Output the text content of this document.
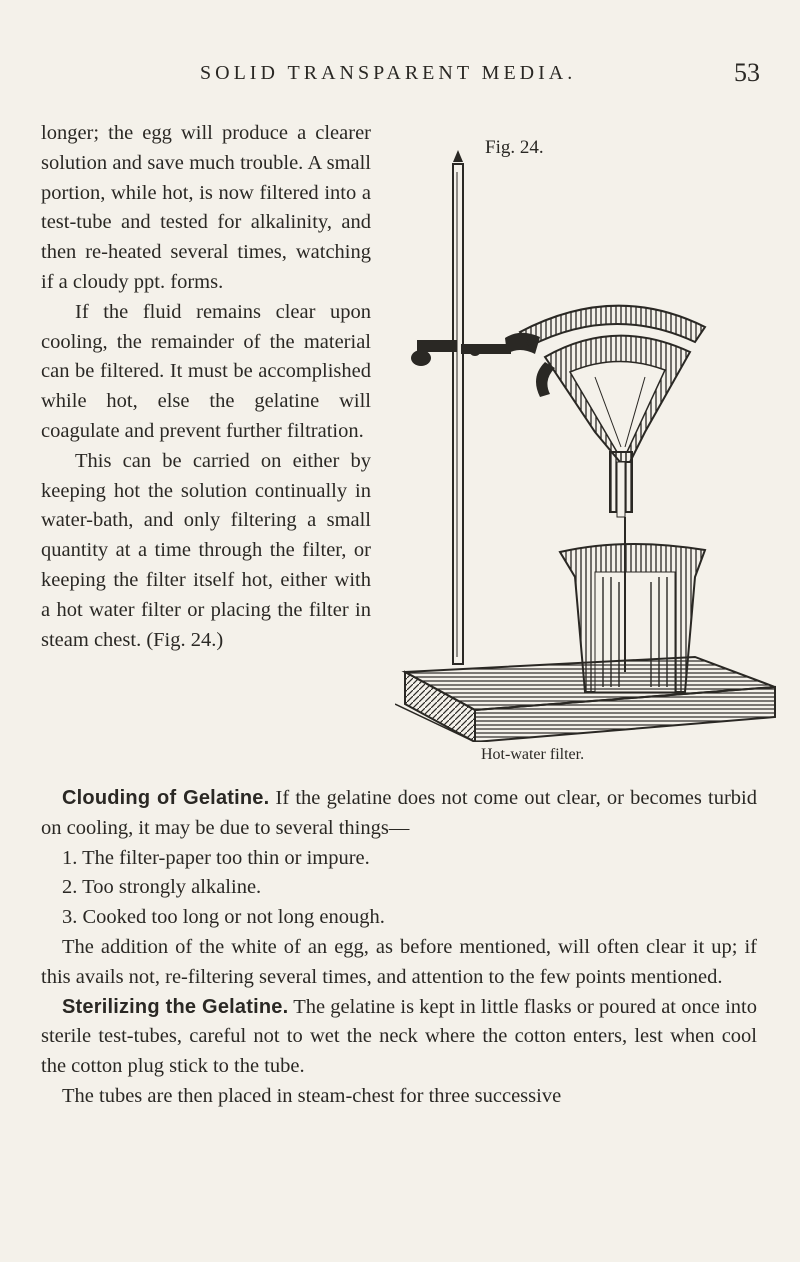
SOLID TRANSPARENT MEDIA.	53

longer; the egg will produce a clearer solution and save much trouble. A small portion, while hot, is now filtered into a test-tube and tested for alkalinity, and then re-heated several times, watching if a cloudy ppt. forms.

If the fluid remains clear upon cooling, the remainder of the material can be filtered. It must be accomplished while hot, else the gelatine will coagulate and prevent further filtration.

This can be carried on either by keeping hot the solution continually in water-bath, and only filtering a small quantity at a time through the filter, or keeping the filter itself hot, either with a hot water filter or placing the filter in steam chest. (Fig. 24.)

Fig. 24.
Hot-water filter.

Clouding of Gelatine. If the gelatine does not come out clear, or becomes turbid on cooling, it may be due to several things—

1. The filter-paper too thin or impure.

2. Too strongly alkaline.

3. Cooked too long or not long enough.

The addition of the white of an egg, as before mentioned, will often clear it up; if this avails not, re-filtering several times, and attention to the few points mentioned.

Sterilizing the Gelatine. The gelatine is kept in little flasks or poured at once into sterile test-tubes, careful not to wet the neck where the cotton enters, lest when cool the cotton plug stick to the tube.

The tubes are then placed in steam-chest for three successive
